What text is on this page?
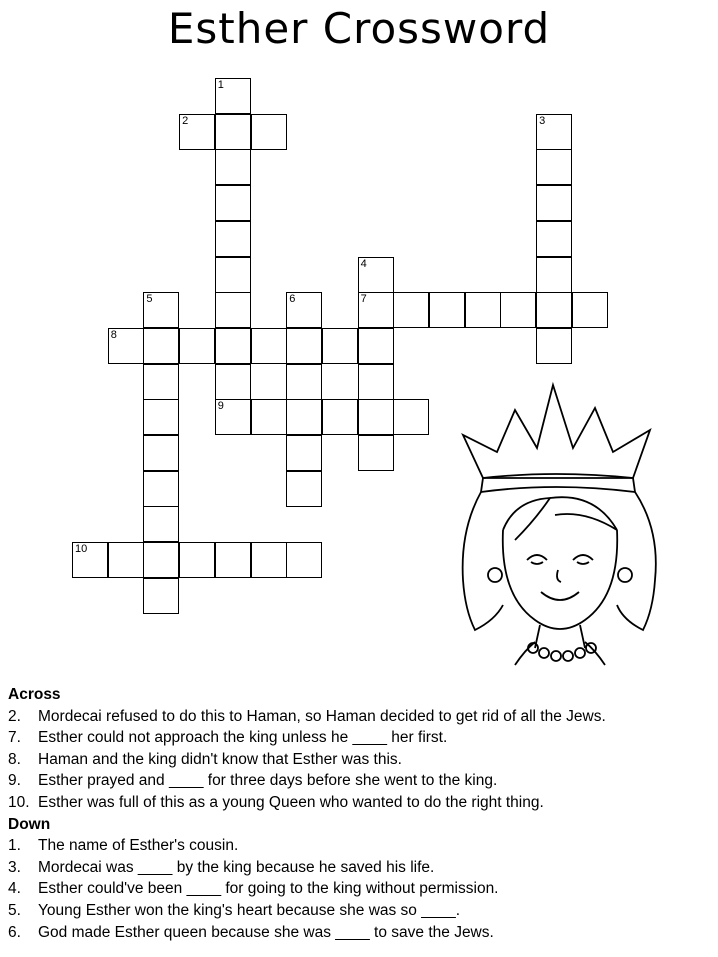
Esther Crossword
1
2	3
4
7
5	6
8
9
10
Across
2. Mordecai refused to do this to Haman, so Haman decided to get rid of all the Jews.
7. Esther could not approach the king unless he ____ her first.
8. Haman and the king didn't know that Esther was this.
9. Esther prayed and ____ for three days before she went to the king.
10. Esther was full of this as a young Queen who wanted to do the right thing.
Down
1. The name of Esther's cousin.
3. Mordecai was ____ by the king because he saved his life.
4. Esther could've been ____ for going to the king without permission.
5. Young Esther won the king's heart because she was so ____.
6. God made Esther queen because she was ____ to save the Jews.
